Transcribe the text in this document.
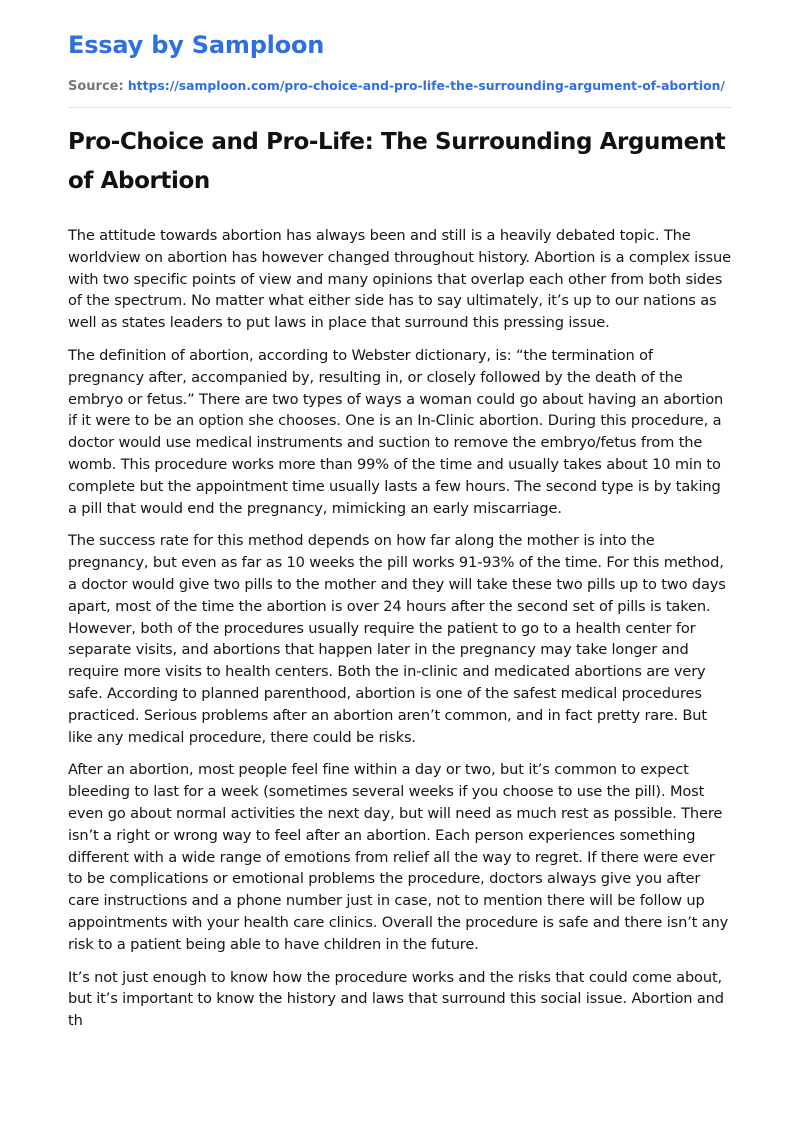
Essay by Samploon
Source: https://samploon.com/pro-choice-and-pro-life-the-surrounding-argument-of-abortion/
Pro-Choice and Pro-Life: The Surrounding Argument of Abortion

The attitude towards abortion has always been and still is a heavily debated topic. The worldview on abortion has however changed throughout history. Abortion is a complex issue with two specific points of view and many opinions that overlap each other from both sides of the spectrum. No matter what either side has to say ultimately, it’s up to our nations as well as states leaders to put laws in place that surround this pressing issue.

The definition of abortion, according to Webster dictionary, is: “the termination of pregnancy after, accompanied by, resulting in, or closely followed by the death of the embryo or fetus.” There are two types of ways a woman could go about having an abortion if it were to be an option she chooses. One is an In-Clinic abortion. During this procedure, a doctor would use medical instruments and suction to remove the embryo/fetus from the womb. This procedure works more than 99% of the time and usually takes about 10 min to complete but the appointment time usually lasts a few hours. The second type is by taking a pill that would end the pregnancy, mimicking an early miscarriage.

The success rate for this method depends on how far along the mother is into the pregnancy, but even as far as 10 weeks the pill works 91-93% of the time. For this method, a doctor would give two pills to the mother and they will take these two pills up to two days apart, most of the time the abortion is over 24 hours after the second set of pills is taken. However, both of the procedures usually require the patient to go to a health center for separate visits, and abortions that happen later in the pregnancy may take longer and require more visits to health centers. Both the in-clinic and medicated abortions are very safe. According to planned parenthood, abortion is one of the safest medical procedures practiced. Serious problems after an abortion aren’t common, and in fact pretty rare. But like any medical procedure, there could be risks.

After an abortion, most people feel fine within a day or two, but it’s common to expect bleeding to last for a week (sometimes several weeks if you choose to use the pill). Most even go about normal activities the next day, but will need as much rest as possible. There isn’t a right or wrong way to feel after an abortion. Each person experiences something different with a wide range of emotions from relief all the way to regret. If there were ever to be complications or emotional problems the procedure, doctors always give you after care instructions and a phone number just in case, not to mention there will be follow up appointments with your health care clinics. Overall the procedure is safe and there isn’t any risk to a patient being able to have children in the future.

It’s not just enough to know how the procedure works and the risks that could come about, but it’s important to know the history and laws that surround this social issue. Abortion and th
